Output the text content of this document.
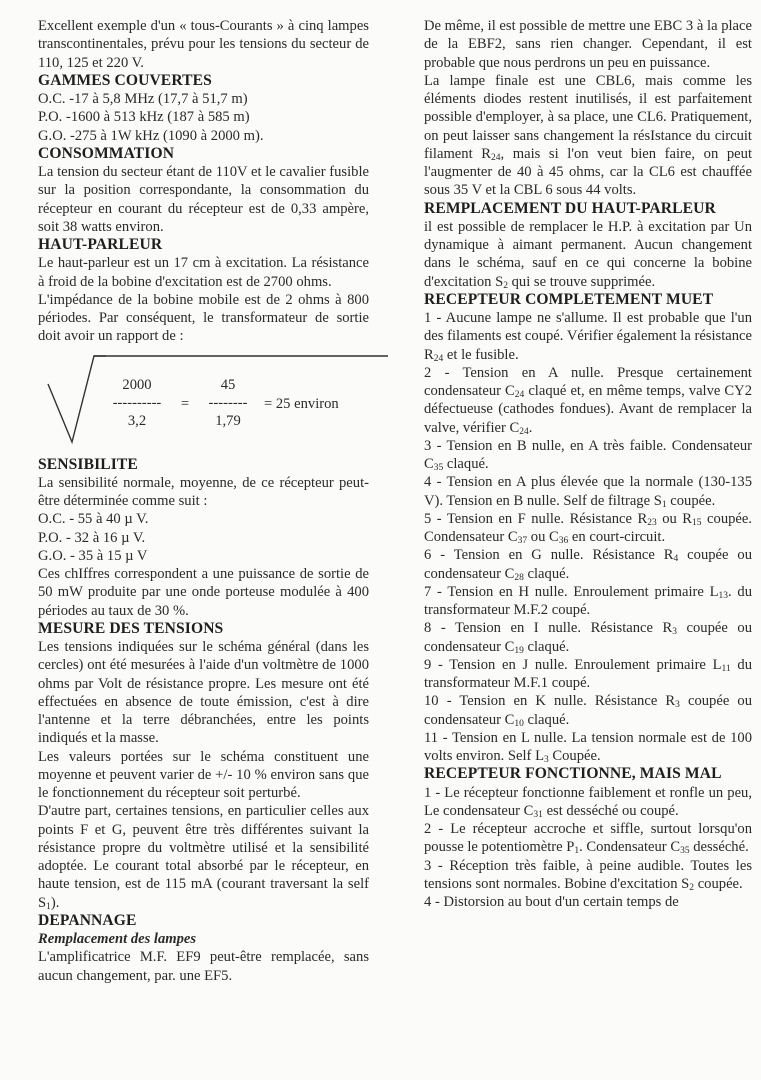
Excellent exemple d'un « tous-Courants » à cinq lampes transcontinentales, prévu pour les tensions du secteur de 110, 125 et 220 V.

GAMMES COUVERTES

O.C. -17 à 5,8 MHz (17,7 à 51,7 m)

P.O. -1600 à 513 kHz (187 à 585 m)

G.O. -275 à 1W kHz (1090 à 2000 m).

CONSOMMATION

La tension du secteur étant de 110V et le cavalier fusible sur la position correspondante, la consommation du récepteur en courant du récepteur est de 0,33 ampère, soit 38 watts environ.

HAUT-PARLEUR

Le haut-parleur est un 17 cm à excitation. La résistance à froid de la bobine d'excitation est de 2700 ohms.

L'impédance de la bobine mobile est de 2 ohms à 800 périodes. Par conséquent, le transformateur de sortie doit avoir un rapport de :

2000
----------
3,2
=
45
--------
1,79
= 25 environ

SENSIBILITE

La sensibilité normale, moyenne, de ce récepteur peut-être déterminée comme suit :

O.C. - 55 à 40 µ V.

P.O. - 32 à 16 µ V.

G.O. - 35 à 15 µ V

Ces chIffres correspondent a une puissance de sortie de 50 mW produite par une onde porteuse modulée à 400 périodes au taux de 30 %.

MESURE DES TENSIONS

Les tensions indiquées sur le schéma général (dans les cercles) ont été mesurées à l'aide d'un voltmètre de 1000 ohms par Volt de résistance propre. Les mesure ont été effectuées en absence de toute émission, c'est à dire l'antenne et la terre débranchées, entre les points indiqués et la masse.

Les valeurs portées sur le schéma constituent une moyenne et peuvent varier de +/- 10 % environ sans que le fonctionnement du récepteur soit perturbé.

D'autre part, certaines tensions, en particulier celles aux points F et G, peuvent être très différentes suivant la résistance propre du voltmètre utilisé et la sensibilité adoptée. Le courant total absorbé par le récepteur, en haute tension, est de 115 mA (courant traversant la self $S_1$).

DEPANNAGE

Remplacement des lampes

L'amplificatrice M.F. EF9 peut-être remplacée, sans aucun changement, par. une EF5.

De même, il est possible de mettre une EBC 3 à la place de la EBF2, sans rien changer. Cependant, il est probable que nous perdrons un peu en puissance.

La lampe finale est une CBL6, mais comme les éléments diodes restent inutilisés, il est parfaitement possible d'employer, à sa place, une CL6. Pratiquement, on peut laisser sans changement la résIstance du circuit filament $R_{24}$, mais si l'on veut bien faire, on peut l'augmenter de 40 à 45 ohms, car la CL6 est chauffée sous 35 V et la CBL 6 sous 44 volts.

REMPLACEMENT DU HAUT-PARLEUR

il est possible de remplacer le H.P. à excitation par Un dynamique à aimant permanent. Aucun changement dans le schéma, sauf en ce qui concerne la bobine d'excitation $S_2$ qui se trouve supprimée.

RECEPTEUR COMPLETEMENT MUET

1 - Aucune lampe ne s'allume. Il est probable que l'un des filaments est coupé. Vérifier également la résistance $R_{24}$ et le fusible.

2 - Tension en A nulle. Presque certainement condensateur $C_{24}$ claqué et, en même temps, valve CY2 défectueuse (cathodes fondues). Avant de remplacer la valve, vérifier $C_{24}$.

3 - Tension en B nulle, en A très faible. Condensateur $C_{35}$ claqué.

4 - Tension en A plus élevée que la normale (130-135 V). Tension en B nulle. Self de filtrage $S_1$ coupée.

5 - Tension en F nulle. Résistance $R_{23}$ ou $R_{15}$ coupée. Condensateur $C_{37}$ ou $C_{36}$ en court-circuit.

6 - Tension en G nulle. Résistance $R_4$ coupée ou condensateur $C_{28}$ claqué.

7 - Tension en H nulle. Enroulement primaire $L_{13}$. du transformateur M.F.2 coupé.

8 - Tension en I nulle. Résistance $R_3$ coupée ou condensateur $C_{19}$ claqué.

9 - Tension en J nulle. Enroulement primaire $L_{11}$ du transformateur M.F.1 coupé.

10 - Tension en K nulle. Résistance $R_3$ coupée ou condensateur $C_{10}$ claqué.

11 - Tension en L nulle. La tension normale est de 100 volts environ. Self $L_3$ Coupée.

RECEPTEUR FONCTIONNE, MAIS MAL

1 - Le récepteur fonctionne faiblement et ronfle un peu, Le condensateur $C_{31}$ est desséché ou coupé.

2 - Le récepteur accroche et siffle, surtout lorsqu'on pousse le potentiomètre $P_1$. Condensateur $C_{35}$ desséché.

3 - Réception très faible, à peine audible. Toutes les tensions sont normales. Bobine d'excitation $S_2$ coupée.

4 - Distorsion au bout d'un certain temps de
